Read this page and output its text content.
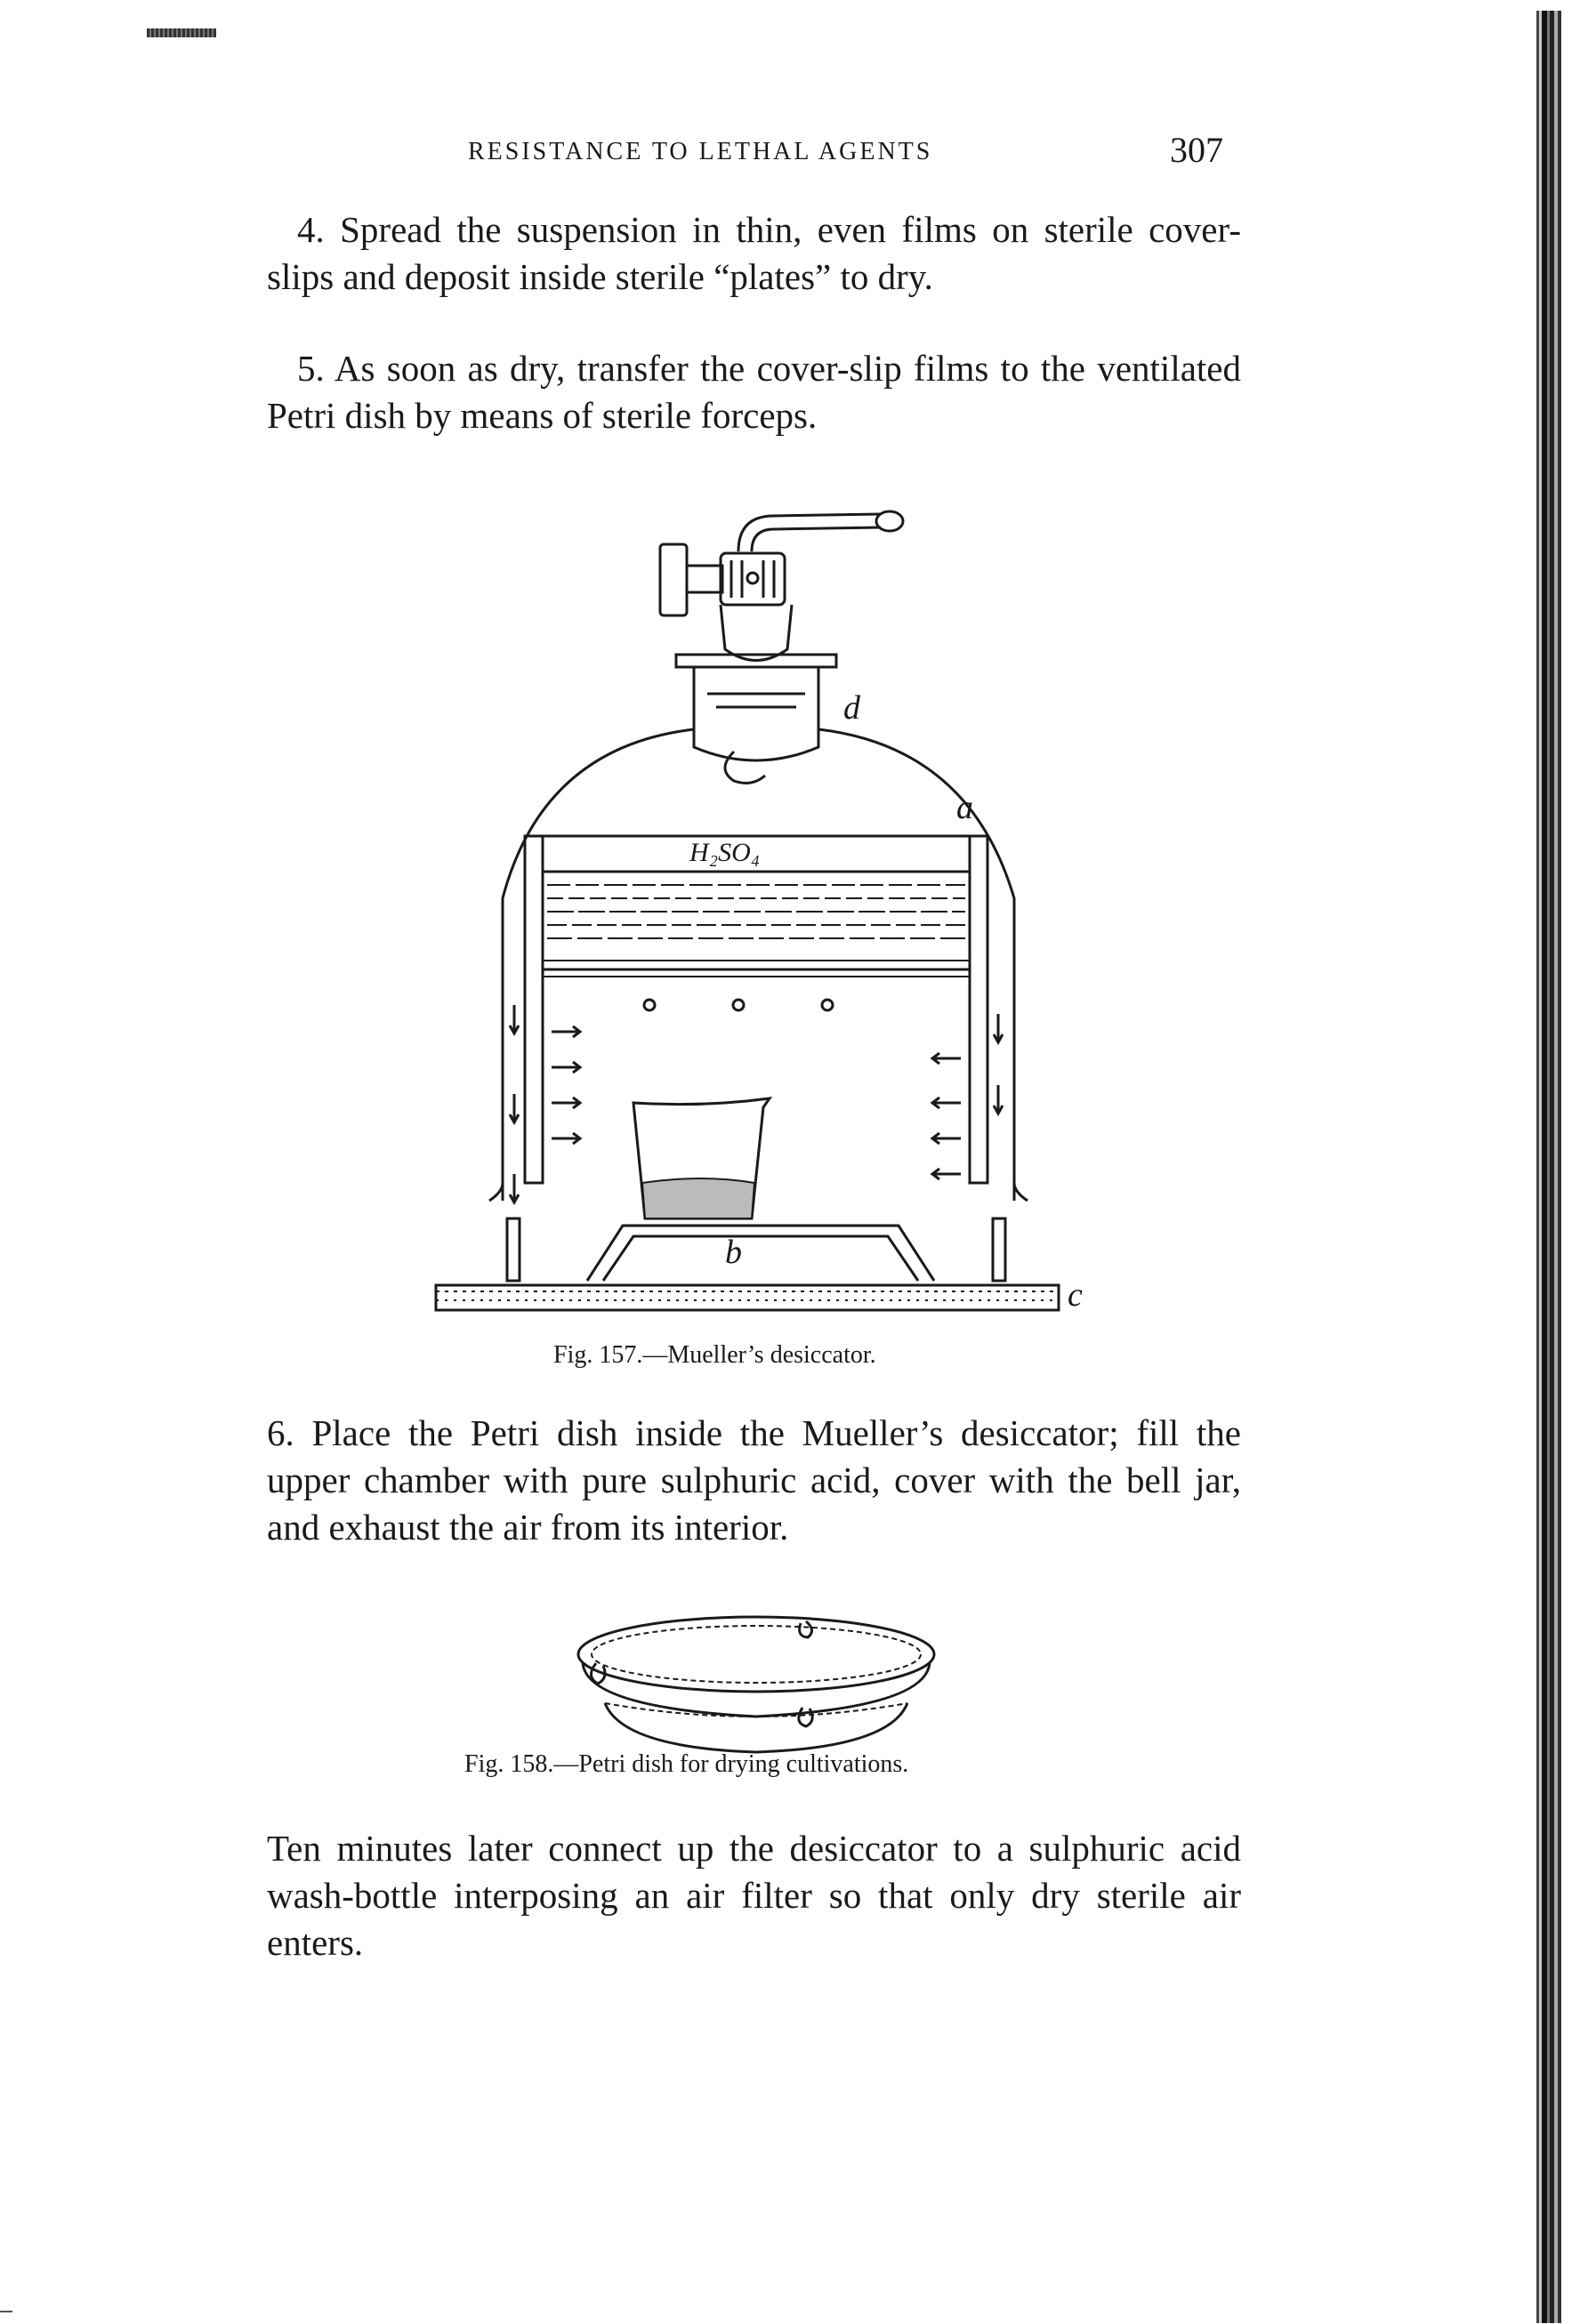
RESISTANCE TO LETHAL AGENTS	307

4. Spread the suspension in thin, even films on sterile cover-slips and deposit inside sterile “plates” to dry.

5. As soon as dry, transfer the cover-slip films to the ventilated Petri dish by means of sterile forceps.

d
a
H₂SO₄
b
c
Fig. 157.—Mueller’s desiccator.

6. Place the Petri dish inside the Mueller’s desiccator; fill the upper chamber with pure sulphuric acid, cover with the bell jar, and exhaust the air from its interior.

Fig. 158.—Petri dish for drying cultivations.

Ten minutes later connect up the desiccator to a sulphuric acid wash-bottle interposing an air filter so that only dry sterile air enters.
